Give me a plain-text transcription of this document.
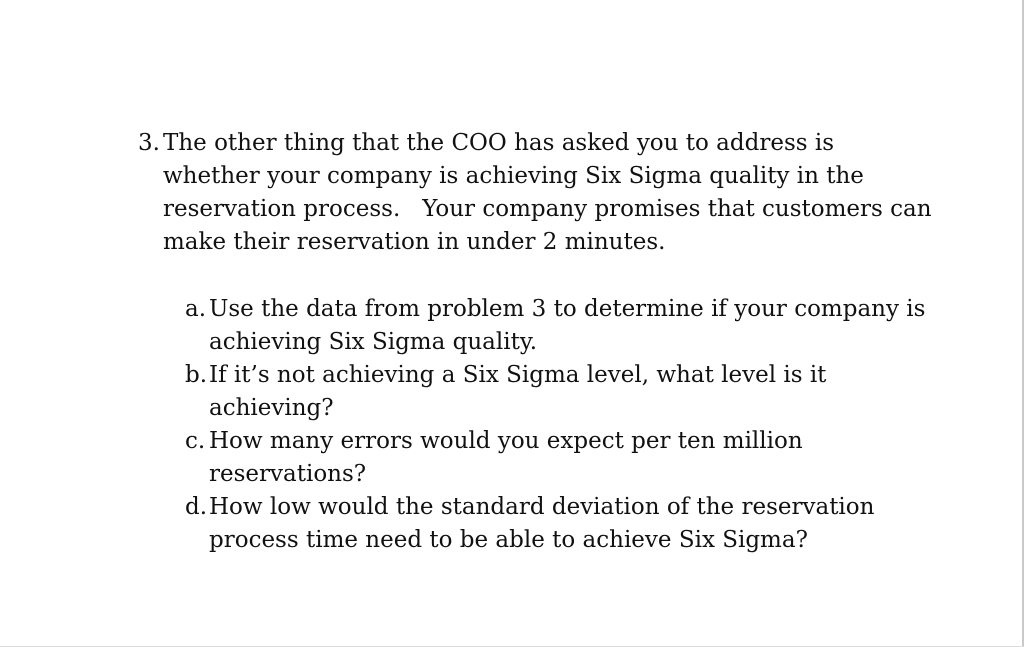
3. The other thing that the COO has asked you to address is whether your company is achieving Six Sigma quality in the reservation process.   Your company promises that customers can make their reservation in under 2 minutes.
a. Use the data from problem 3 to determine if your company is achieving Six Sigma quality.
b. If it’s not achieving a Six Sigma level, what level is it achieving?
c. How many errors would you expect per ten million reservations?
d. How low would the standard deviation of the reservation process time need to be able to achieve Six Sigma?
